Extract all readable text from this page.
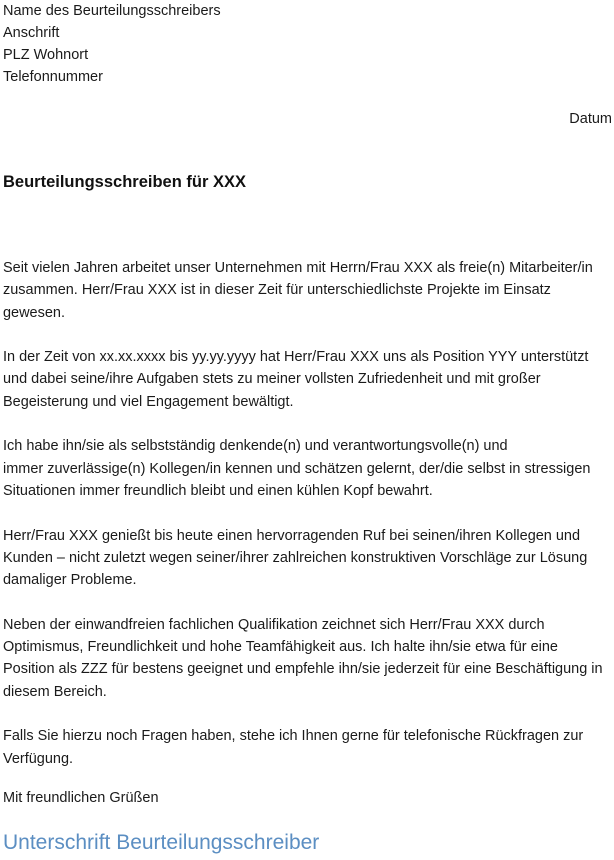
Name des Beurteilungsschreibers
Anschrift
PLZ Wohnort
Telefonnummer
Datum
Beurteilungsschreiben für XXX

Seit vielen Jahren arbeitet unser Unternehmen mit Herrn/Frau XXX als freie(n) Mitarbeiter/in zusammen. Herr/Frau XXX ist in dieser Zeit für unterschiedlichste Projekte im Einsatz gewesen.

In der Zeit von xx.xx.xxxx bis yy.yy.yyyy hat Herr/Frau XXX uns als Position YYY unterstützt und dabei seine/ihre Aufgaben stets zu meiner vollsten Zufriedenheit und mit großer Begeisterung und viel Engagement bewältigt.

Ich habe ihn/sie als selbstständig denkende(n) und verantwortungsvolle(n) und immer zuverlässige(n) Kollegen/in kennen und schätzen gelernt, der/die selbst in stressigen Situationen immer freundlich bleibt und einen kühlen Kopf bewahrt.

Herr/Frau XXX genießt bis heute einen hervorragenden Ruf bei seinen/ihren Kollegen und Kunden – nicht zuletzt wegen seiner/ihrer zahlreichen konstruktiven Vorschläge zur Lösung damaliger Probleme.

Neben der einwandfreien fachlichen Qualifikation zeichnet sich Herr/Frau XXX durch Optimismus, Freundlichkeit und hohe Teamfähigkeit aus. Ich halte ihn/sie etwa für eine Position als ZZZ für bestens geeignet und empfehle ihn/sie jederzeit für eine Beschäftigung in diesem Bereich.

Falls Sie hierzu noch Fragen haben, stehe ich Ihnen gerne für telefonische Rückfragen zur Verfügung.

Mit freundlichen Grüßen
Unterschrift Beurteilungsschreiber
